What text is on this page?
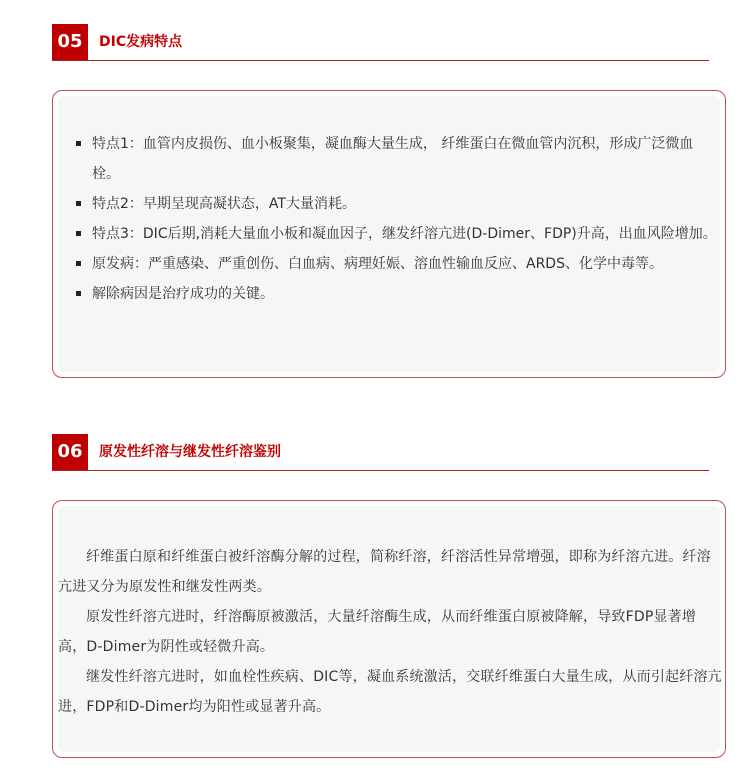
05	DIC发病特点
特点1：血管内皮损伤、血小板聚集，凝血酶大量生成， 纤维蛋白在微血管内沉积，形成广泛微血栓。
特点2：早期呈现高凝状态，AT大量消耗。
特点3：DIC后期,消耗大量血小板和凝血因子，继发纤溶亢进(D-Dimer、FDP)升高，出血风险增加。
原发病：严重感染、严重创伤、白血病、病理妊娠、溶血性输血反应、ARDS、化学中毒等。
解除病因是治疗成功的关键。
06	原发性纤溶与继发性纤溶鉴别

纤维蛋白原和纤维蛋白被纤溶酶分解的过程，简称纤溶，纤溶活性异常增强，即称为纤溶亢进。纤溶亢进又分为原发性和继发性两类。

原发性纤溶亢进时，纤溶酶原被激活，大量纤溶酶生成，从而纤维蛋白原被降解，导致FDP显著增高，D-Dimer为阴性或轻微升高。

继发性纤溶亢进时，如血栓性疾病、DIC等，凝血系统激活，交联纤维蛋白大量生成，从而引起纤溶亢进，FDP和D-Dimer均为阳性或显著升高。
